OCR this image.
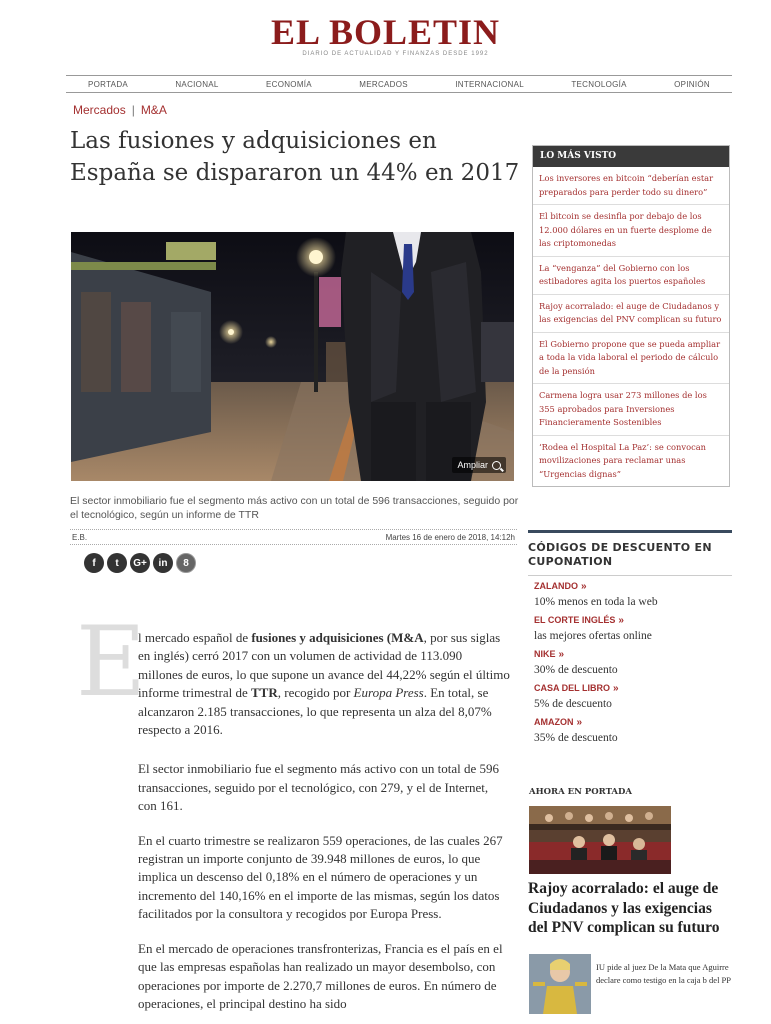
EL BOLETIN
DIARIO DE ACTUALIDAD Y FINANZAS DESDE 1992
PORTADA	NACIONAL	ECONOMÍA	MERCADOS	INTERNACIONAL	TECNOLOGÍA	OPINIÓN
Mercados | M&A
Las fusiones y adquisiciones en España se dispararon un 44% en 2017
Ampliar
El sector inmobiliario fue el segmento más activo con un total de 596 transacciones, seguido por el tecnológico, según un informe de TTR
E.B.	Martes 16 de enero de 2018, 14:12h
f	t	G+	in	8
E

l mercado español de fusiones y adquisiciones (M&A, por sus siglas en inglés) cerró 2017 con un volumen de actividad de 113.090 millones de euros, lo que supone un avance del 44,22% según el último informe trimestral de TTR, recogido por Europa Press. En total, se alcanzaron 2.185 transacciones, lo que representa un alza del 8,07% respecto a 2016.

El sector inmobiliario fue el segmento más activo con un total de 596 transacciones, seguido por el tecnológico, con 279, y el de Internet, con 161.

En el cuarto trimestre se realizaron 559 operaciones, de las cuales 267 registran un importe conjunto de 39.948 millones de euros, lo que implica un descenso del 0,18% en el número de operaciones y un incremento del 140,16% en el importe de las mismas, según los datos facilitados por la consultora y recogidos por Europa Press.

En el mercado de operaciones transfronterizas, Francia es el país en el que las empresas españolas han realizado un mayor desembolso, con operaciones por importe de 2.270,7 millones de euros. En número de operaciones, el principal destino ha sido

LO MÁS VISTO
Los inversores en bitcoin “deberían estar preparados para perder todo su dinero”
El bitcoin se desinfla por debajo de los 12.000 dólares en un fuerte desplome de las criptomonedas
La “venganza” del Gobierno con los estibadores agita los puertos españoles
Rajoy acorralado: el auge de Ciudadanos y las exigencias del PNV complican su futuro
El Gobierno propone que se pueda ampliar a toda la vida laboral el periodo de cálculo de la pensión
Carmena logra usar 273 millones de los 355 aprobados para Inversiones Financieramente Sostenibles
‘Rodea el Hospital La Paz’: se convocan movilizaciones para reclamar unas “Urgencias dignas”
CÓDIGOS DE DESCUENTO EN CUPONATION
ZALANDO »
10% menos en toda la web
EL CORTE INGLÉS »
las mejores ofertas online
NIKE »
30% de descuento
CASA DEL LIBRO »
5% de descuento
AMAZON »
35% de descuento
AHORA EN PORTADA
Rajoy acorralado: el auge de Ciudadanos y las exigencias del PNV complican su futuro
IU pide al juez De la Mata que Aguirre declare como testigo en la caja b del PP
